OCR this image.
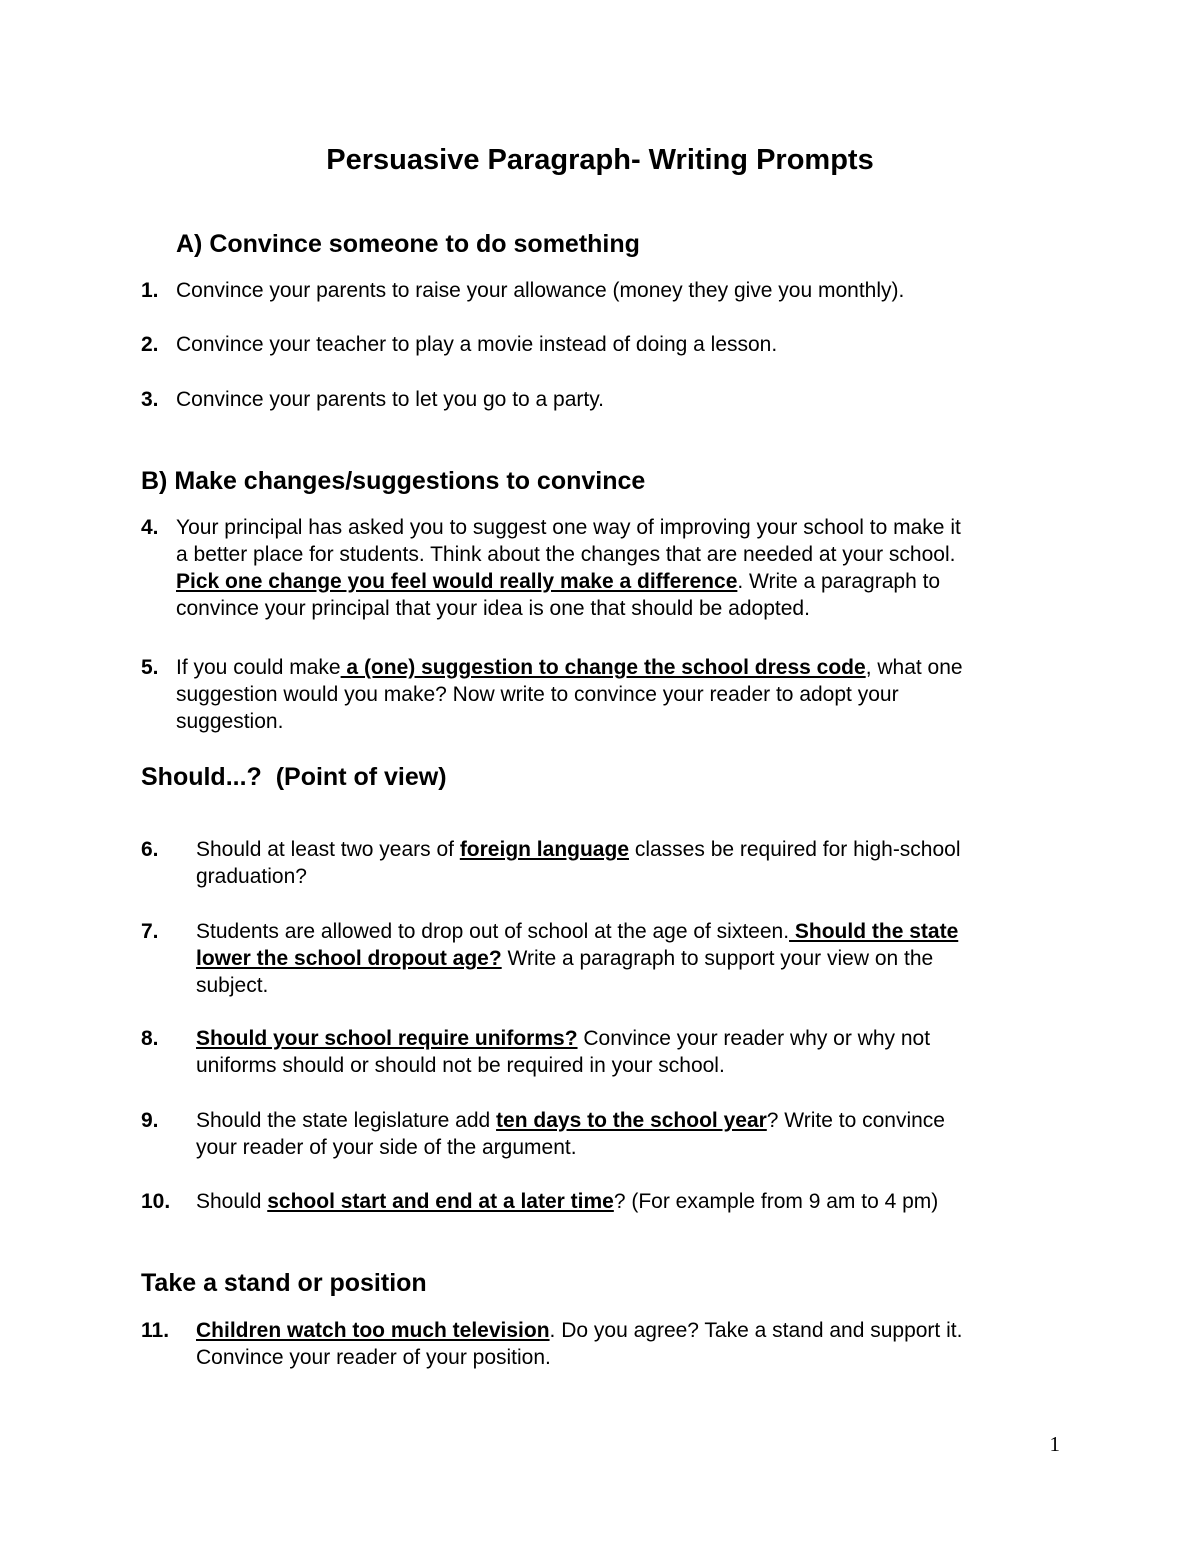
Persuasive Paragraph- Writing Prompts
A) Convince someone to do something
1. Convince your parents to raise your allowance (money they give you monthly).
2. Convince your teacher to play a movie instead of doing a lesson.
3. Convince your parents to let you go to a party.
B) Make changes/suggestions to convince
4. Your principal has asked you to suggest one way of improving your school to make it
a better place for students. Think about the changes that are needed at your school.
Pick one change you feel would really make a difference. Write a paragraph to
convince your principal that your idea is one that should be adopted.
5. If you could make a (one) suggestion to change the school dress code, what one
suggestion would you make? Now write to convince your reader to adopt your
suggestion.
Should...?  (Point of view)
6. Should at least two years of foreign language classes be required for high-school
graduation?
7. Students are allowed to drop out of school at the age of sixteen. Should the state
lower the school dropout age? Write a paragraph to support your view on the
subject.
8. Should your school require uniforms? Convince your reader why or why not
uniforms should or should not be required in your school.
9. Should the state legislature add ten days to the school year? Write to convince
your reader of your side of the argument.
10. Should school start and end at a later time? (For example from 9 am to 4 pm)
Take a stand or position
11. Children watch too much television. Do you agree? Take a stand and support it.
Convince your reader of your position.
1
